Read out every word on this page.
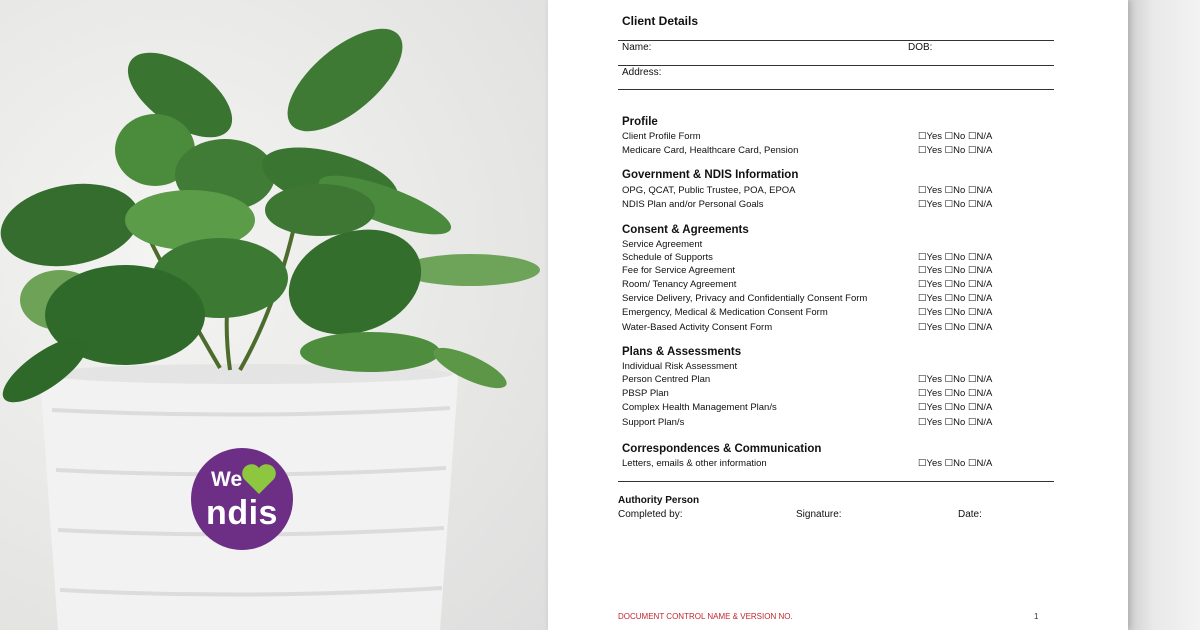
We
ndis
Client Details
Name:	DOB:
Address:
Profile
Client Profile Form	☐Yes ☐No ☐N/A
Medicare Card, Healthcare Card, Pension	☐Yes ☐No ☐N/A
Government & NDIS Information
OPG, QCAT, Public Trustee, POA, EPOA	☐Yes ☐No ☐N/A
NDIS Plan and/or Personal Goals	☐Yes ☐No ☐N/A
Consent & Agreements
Service Agreement
Schedule of Supports	☐Yes ☐No ☐N/A
Fee for Service Agreement	☐Yes ☐No ☐N/A
Room/ Tenancy Agreement	☐Yes ☐No ☐N/A
Service Delivery, Privacy and Confidentially Consent Form	☐Yes ☐No ☐N/A
Emergency, Medical & Medication Consent Form	☐Yes ☐No ☐N/A
Water-Based Activity Consent Form	☐Yes ☐No ☐N/A
Plans & Assessments
Individual Risk Assessment
Person Centred Plan	☐Yes ☐No ☐N/A
PBSP Plan	☐Yes ☐No ☐N/A
Complex Health Management Plan/s	☐Yes ☐No ☐N/A
Support Plan/s	☐Yes ☐No ☐N/A
Correspondences & Communication
Letters, emails & other information	☐Yes ☐No ☐N/A
Authority Person
Completed by:	Signature:	Date:
DOCUMENT CONTROL NAME & VERSION NO.	1
